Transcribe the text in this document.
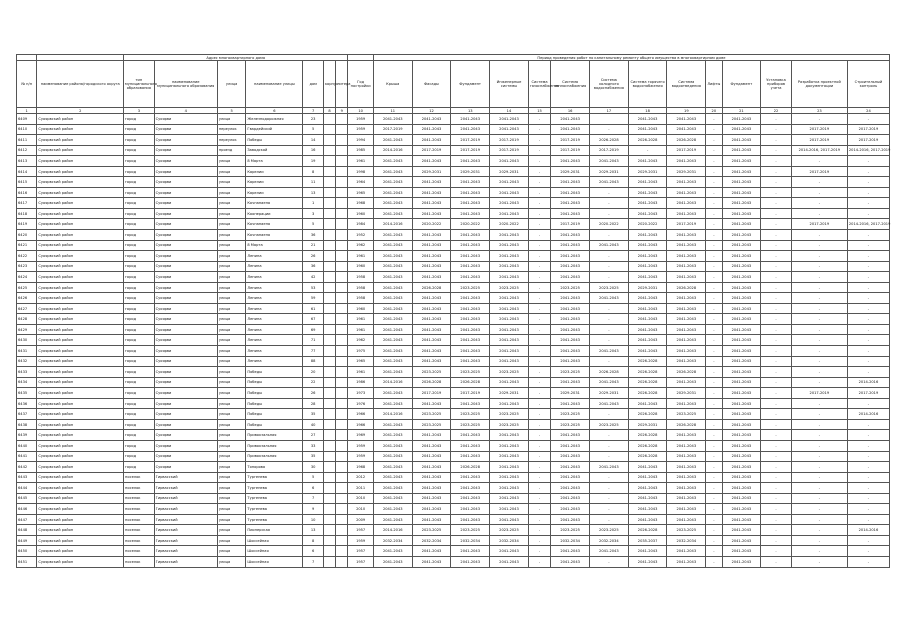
		Адрес многоквартирного дома								Период проведения работ по капитальному ремонту общего имущества в многоквартирном доме													
№ п/п	наименование района/городского округа	тип муниципального образования	наименование муниципального образования	улица	наименование улицы	дом	корпус	литера	Год постройки	Крыша	Фасады	Фундамент	Инженерные системы	Система газоснабжения	Система теплоснабжения	Система холодного водоснабжения	Система горячего водоснабжения	Система водоотведения	Лифты	Фундамент	Установка приборов учета	Разработка проектной документации	Строительный контроль
1	2	3	4	5	6	7	8	9	10	11	12	13	14	15	16	17	18	19	20	21	22	23	24
6409	Суоярвский район	город	Суоярви	улица	Железнодорожная	23			1959	2041-2043	2041-2043	2041-2043	2041-2043	-	2041-2043		2041-2043	2041-2043	-	2041-2043	-	-	-
6410	Суоярвский район	город	Суоярви	переулок	Гвардейский	5			1959	2017-2019	2041-2043	2041-2043	2041-2043	-	2041-2043	-	2041-2043	2041-2043	-	2041-2043	-	2017-2019	2017-2019
6411	Суоярвский район	город	Суоярви	переулок	Победы	14			1994	2041-2043	2041-2043	2017-2019	2017-2019	-	2017-2019	2026-2028	2026-2028	2026-2028	-	2041-2043	-	2017-2019	2017-2019
6412	Суоярвский район	город	Суоярви	проезд	Заводской	16			1985	2014-2016	2017-2019	2017-2019	2017-2019	-	2017-2019	2017-2019	-	2017-2019	-	2041-2043	-	2014-2016, 2017-2019	2014-2016, 2017-2019
6413	Суоярвский район	город	Суоярви	улица	8 Марта	19			1961	2041-2043	2041-2043	2041-2043	2041-2043	-	2041-2043	2041-2043	2041-2043	2041-2043	-	2041-2043	-	-	-
6414	Суоярвский район	город	Суоярви	улица	Карелии	8			1998	2041-2043	2029-2031	2029-2031	2029-2031	-	2029-2031	2029-2031	2029-2031	2029-2031	-	2041-2043	-	2017-2019	-
6415	Суоярвский район	город	Суоярви	улица	Карелии	11			1964	2041-2043	2041-2043	2041-2043	2041-2043	-	2041-2043	2041-2043	2041-2043	2041-2043	-	2041-2043	-	-	-
6416	Суоярвский район	город	Суоярви	улица	Карелии	13			1965	2041-2043	2041-2043	2041-2043	2041-2043	-	2041-2043	-	2041-2043	2041-2043	-	2041-2043	-	-	-
6417	Суоярвский район	город	Суоярви	улица	Кочнанаена	1			1968	2041-2043	2041-2043	2041-2043	2041-2043	-	2041-2043	-	2041-2043	2041-2043	-	2041-2043	-	-	-
6418	Суоярвский район	город	Суоярви	улица	Кооперации	3			1960	2041-2043	2041-2043	2041-2043	2041-2043	-	2041-2043	-	2041-2043	2041-2043	-	2041-2043	-	-	-
6419	Суоярвский район	город	Суоярви	улица	Кочнанаена	5			1984	2014-2016	2020-2022	2020-2022	2020-2022	-	2017-2019	2020-2022	2020-2022	2017-2019	-	2041-2043	-	2017-2019	2014-2016, 2017-2019
6420	Суоярвский район	город	Суоярви	улица	Кочнанаена	36			1952	2041-2043	2041-2043	2041-2043	2041-2043	-	2041-2043	-	2041-2043	2041-2043	-	2041-2043	-	-	-
6421	Суоярвский район	город	Суоярви	улица	8 Марта	21			1962	2041-2043	2041-2043	2041-2043	2041-2043	-	2041-2043	2041-2043	2041-2043	2041-2043	-	2041-2043	-	-	-
6422	Суоярвский район	город	Суоярви	улица	Ленина	26			1961	2041-2043	2041-2043	2041-2043	2041-2043	-	2041-2043	-	2041-2043	2041-2043	-	2041-2043	-	-	-
6423	Суоярвский район	город	Суоярви	улица	Ленина	36			1960	2041-2043	2041-2043	2041-2043	2041-2043	-	2041-2043	-	2041-2043	2041-2043	-	2041-2043	-	-	-
6424	Суоярвский район	город	Суоярви	улица	Ленина	42			1958	2041-2043	2041-2043	2041-2043	2041-2043	-	2041-2043	-	2041-2043	2041-2043	-	2041-2043	-	-	-
6425	Суоярвский район	город	Суоярви	улица	Ленина	53			1958	2041-2043	2026-2028	2023-2025	2023-2025	-	2023-2025	2023-2025	2029-2031	2026-2028	-	2041-2043	-	-	-
6426	Суоярвский район	город	Суоярви	улица	Ленина	59			1958	2041-2043	2041-2043	2041-2043	2041-2043	-	2041-2043	2041-2043	2041-2043	2041-2043	-	2041-2043	-	-	-
6427	Суоярвский район	город	Суоярви	улица	Ленина	61			1960	2041-2043	2041-2043	2041-2043	2041-2043	-	2041-2043	-	2041-2043	2041-2043	-	2041-2043	-	-	-
6428	Суоярвский район	город	Суоярви	улица	Ленина	67			1961	2041-2043	2041-2043	2041-2043	2041-2043	-	2041-2043	-	2041-2043	2041-2043	-	2041-2043	-	-	-
6429	Суоярвский район	город	Суоярви	улица	Ленина	69			1961	2041-2043	2041-2043	2041-2043	2041-2043	-	2041-2043	-	2041-2043	2041-2043	-	2041-2043	-	-	-
6430	Суоярвский район	город	Суоярви	улица	Ленина	71			1962	2041-2043	2041-2043	2041-2043	2041-2043	-	2041-2043	-	2041-2043	2041-2043	-	2041-2043	-	-	-
6431	Суоярвский район	город	Суоярви	улица	Ленина	77			1975	2041-2043	2041-2043	2041-2043	2041-2043	-	2041-2043	2041-2043	2041-2043	2041-2043	-	2041-2043	-	-	-
6432	Суоярвский район	город	Суоярви	улица	Ленина	88			1965	2041-2043	2041-2043	2041-2043	2041-2043	-	2041-2043	-	2026-2028	2041-2043	-	2041-2043	-	-	-
6433	Суоярвский район	город	Суоярви	улица	Победы	20			1961	2041-2043	2023-2025	2023-2025	2023-2025	-	2023-2025	2026-2028	2026-2028	2026-2028	-	2041-2043	-	-	-
6434	Суоярвский район	город	Суоярви	улица	Победы	22			1986	2014-2016	2026-2028	2026-2028	2041-2043	-	2041-2043	2041-2043	2026-2028	2041-2043	-	2041-2043	-	-	2014-2016
6435	Суоярвский район	город	Суоярви	улица	Победы	26			1973	2041-2043	2017-2019	2017-2019	2029-2031	-	2029-2031	2029-2031	2026-2028	2029-2031	-	2041-2043	-	2017-2019	2017-2019
6436	Суоярвский район	город	Суоярви	улица	Победы	28			1976	2041-2043	2041-2043	2041-2043	2041-2043	-	2041-2043	2041-2043	2041-2043	2041-2043	-	2041-2043	-	-	-
6437	Суоярвский район	город	Суоярви	улица	Победы	35			1966	2014-2016	2023-2025	2023-2025	2023-2025	-	2023-2025	-	2026-2028	2023-2025	-	2041-2043	-	-	2014-2016
6438	Суоярвский район	город	Суоярви	улица	Победы	40			1966	2041-2043	2023-2025	2023-2025	2023-2025	-	2023-2025	2023-2025	2029-2031	2026-2028	-	2041-2043	-	-	-
6439	Суоярвский район	город	Суоярви	улица	Привокзальная	27			1969	2041-2043	2041-2043	2041-2043	2041-2043	-	2041-2043	-	2026-2028	2041-2043	-	2041-2043	-	-	-
6440	Суоярвский район	город	Суоярви	улица	Привокзальная	33			1959	2041-2043	2041-2043	2041-2043	2041-2043	-	2041-2043	-	2026-2028	2041-2043	-	2041-2043	-	-	-
6441	Суоярвский район	город	Суоярви	улица	Привокзальная	35			1959	2041-2043	2041-2043	2041-2043	2041-2043	-	2041-2043	-	2026-2028	2041-2043	-	2041-2043	-	-	-
6442	Суоярвский район	город	Суоярви	улица	Топорова	30			1968	2041-2043	2041-2043	2026-2028	2041-2043	-	2041-2043	2041-2043	2041-2043	2041-2043	-	2041-2043	-	-	-
6443	Суоярвский район	поселок	Гирвасский	улица	Тургенева	5			2012	2041-2043	2041-2043	2041-2043	2041-2043	-	2041-2043	-	2041-2043	2041-2043	-	2041-2043	-	-	-
6444	Суоярвский район	поселок	Гирвасский	улица	Тургенева	6			2011	2041-2043	2041-2043	2041-2043	2041-2043	-	2041-2043	-	2041-2043	2041-2043	-	2041-2043	-	-	-
6445	Суоярвский район	поселок	Гирвасский	улица	Тургенева	7			2010	2041-2043	2041-2043	2041-2043	2041-2043	-	2041-2043	-	2041-2043	2041-2043	-	2041-2043	-	-	-
6446	Суоярвский район	поселок	Гирвасский	улица	Тургенева	9			2010	2041-2043	2041-2043	2041-2043	2041-2043	-	2041-2043	-	2041-2043	2041-2043	-	2041-2043	-	-	-
6447	Суоярвский район	поселок	Гирвасский	улица	Тургенева	10			2009	2041-2043	2041-2043	2041-2043	2041-2043	-	2041-2043	-	2041-2043	2041-2043	-	2041-2043	-	-	-
6448	Суоярвский район	поселок	Гирвасский	улица	Пионерская	13			1957	2014-2016	2023-2025	2023-2025	2023-2025	-	2023-2025	2023-2025	2026-2028	2023-2025	-	2041-2043	-	-	2014-2016
6449	Суоярвский район	поселок	Гирвасский	улица	Шоссейная	8			1959	2032-2034	2032-2034	2032-2034	2032-2034	-	2032-2034	2032-2034	2035-2037	2032-2034	-	2041-2043	-	-	-
6450	Суоярвский район	поселок	Гирвасский	улица	Шоссейная	6			1957	2041-2043	2041-2043	2041-2043	2041-2043	-	2041-2043	2041-2043	2041-2043	2041-2043	-	2041-2043	-	-	-
6451	Суоярвский район	поселок	Гирвасский	улица	Шоссейная	7			1957	2041-2043	2041-2043	2041-2043	2041-2043	-	2041-2043	-	2041-2043	2041-2043	-	2041-2043	-	-	-
